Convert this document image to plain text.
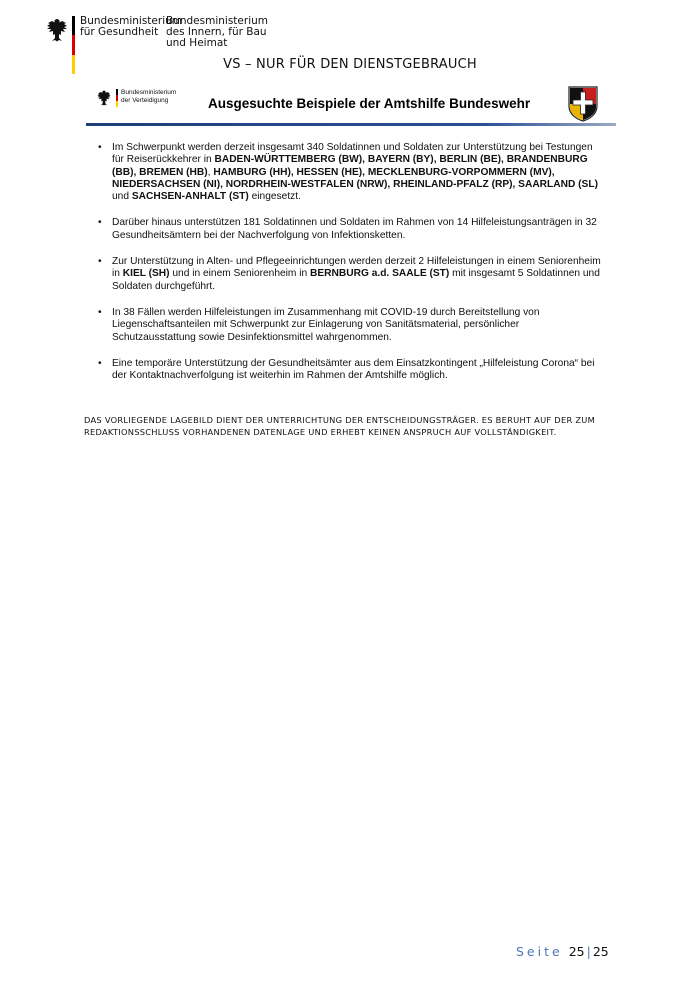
Bundesministerium
für Gesundheit
Bundesministerium
des Innern, für Bau
und Heimat
VS – NUR FÜR DEN DIENSTGEBRAUCH
Bundesministerium
der Verteidigung	Ausgesuchte Beispiele der Amtshilfe Bundeswehr
• Im Schwerpunkt werden derzeit insgesamt 340 Soldatinnen und Soldaten zur Unterstützung bei Testungen für Reiserückkehrer in BADEN-WÜRTTEMBERG (BW), BAYERN (BY), BERLIN (BE), BRANDENBURG (BB), BREMEN (HB), HAMBURG (HH), HESSEN (HE), MECKLENBURG-VORPOMMERN (MV), NIEDERSACHSEN (NI), NORDRHEIN-WESTFALEN (NRW), RHEINLAND-PFALZ (RP), SAARLAND (SL) und SACHSEN-ANHALT (ST) eingesetzt.
• Darüber hinaus unterstützen 181 Soldatinnen und Soldaten im Rahmen von 14 Hilfeleistungsanträgen in 32 Gesundheitsämtern bei der Nachverfolgung von Infektionsketten.
• Zur Unterstützung in Alten- und Pflegeeinrichtungen werden derzeit 2 Hilfeleistungen in einem Seniorenheim in KIEL (SH) und in einem Seniorenheim in BERNBURG a.d. SAALE (ST) mit insgesamt 5 Soldatinnen und Soldaten durchgeführt.
• In 38 Fällen werden Hilfeleistungen im Zusammenhang mit COVID-19 durch Bereitstellung von Liegenschaftsanteilen mit Schwerpunkt zur Einlagerung von Sanitätsmaterial, persönlicher Schutzausstattung sowie Desinfektionsmittel wahrgenommen.
• Eine temporäre Unterstützung der Gesundheitsämter aus dem Einsatzkontingent „Hilfeleistung Corona“ bei der Kontaktnachverfolgung ist weiterhin im Rahmen der Amtshilfe möglich.
DAS VORLIEGENDE LAGEBILD DIENT DER UNTERRICHTUNG DER ENTSCHEIDUNGSTRÄGER. ES BERUHT AUF DER ZUM REDAKTIONSSCHLUSS VORHANDENEN DATENLAGE UND ERHEBT KEINEN ANSPRUCH AUF VOLLSTÄNDIGKEIT.
Seite 25 | 25
